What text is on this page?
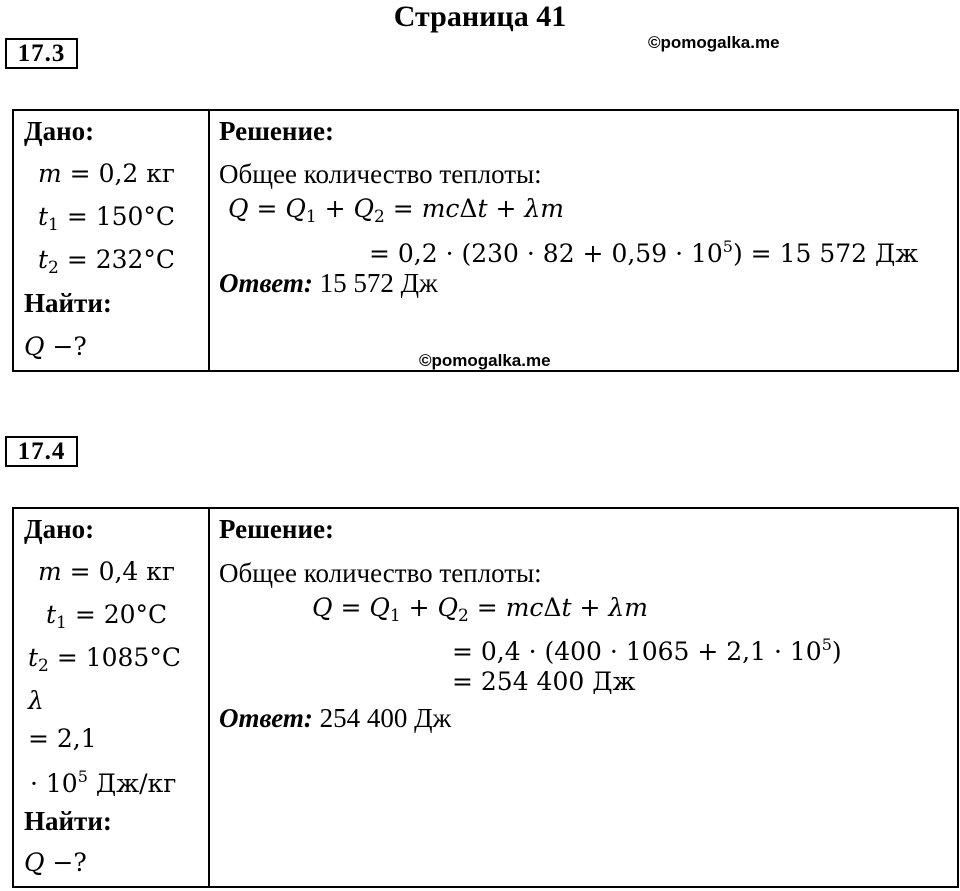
Страница 41
17.3	©pomogalka.me
Дано:
m = 0,2 кг
$t_1 = 150^\circ C$
$t_2 = 232^\circ C$
Найти:
Q −?
Решение:
Общее количество теплоты:
$Q = Q_1 + Q_2 = mc\Delta t + \lambda m$
= $0,2 \cdot (230 \cdot 82 + 0,59 \cdot 10^5) = 15$ 572 Дж
Ответ: 15 572 Дж
©pomogalka.me
17.4
Дано:
m = 0,4 кг
$t_1 = 20^\circ C$
$t_2 = 1085^\circ C$
λ
= 2,1
· $10^5$ Дж/кг
Найти:
Q −?
Решение:
Общее количество теплоты:
$Q = Q_1 + Q_2 = mc\Delta t + \lambda m$
= $0,4 \cdot (400 \cdot 1065 + 2,1 \cdot 10^5)$
= 254 400 Дж
Ответ: 254 400 Дж
